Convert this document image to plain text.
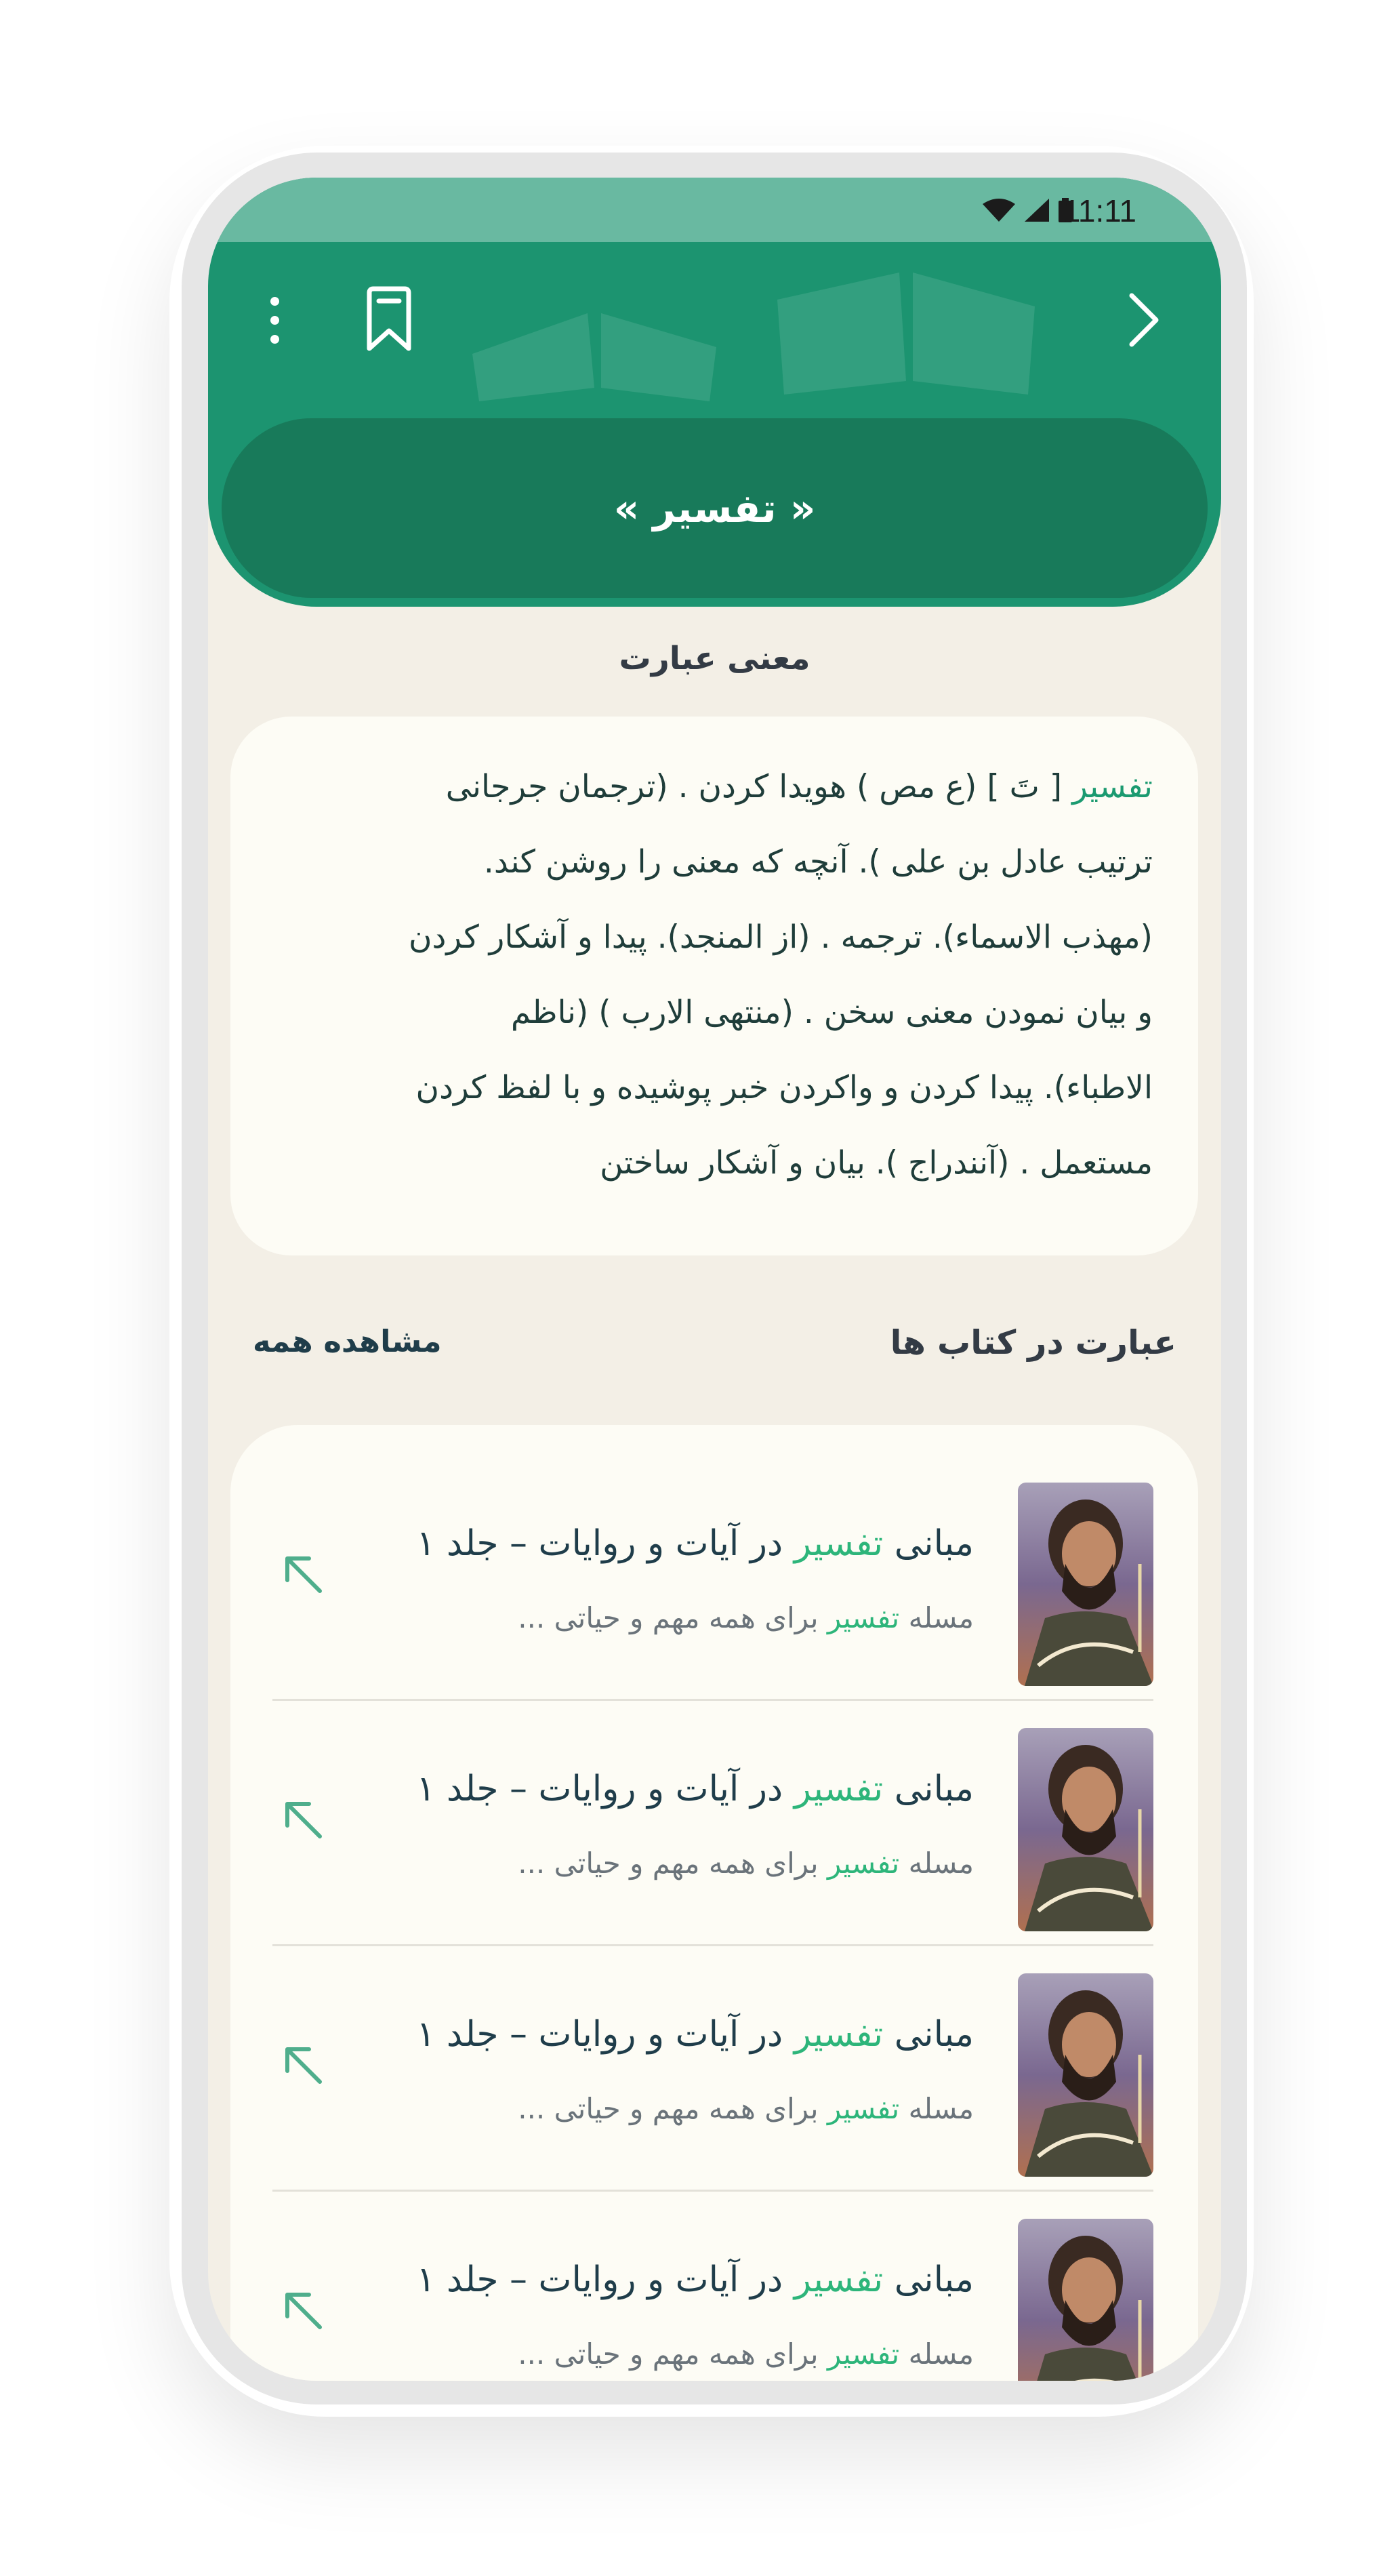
11:11
« تفسیر »
معنی عبارت
تفسیر [ تَ ] (ع مص ) هویدا کردن . (ترجمان جرجانی
ترتیب عادل بن علی ). آنچه که معنی را روشن کند.
(مهذب الاسماء). ترجمه . (از المنجد). پیدا و آشکار کردن
و بیان نمودن معنی سخن . (منتهی الارب ) (ناظم
الاطباء). پیدا کردن و واکردن خبر پوشیده و با لفظ کردن
مستعمل . (آنندراج ). بیان و آشکار ساختن
عبارت در کتاب ها
مشاهده همه
مبانی تفسیر در آیات و روایات – جلد ۱
مسله تفسیر برای همه مهم و حیاتی ...
مبانی تفسیر در آیات و روایات – جلد ۱
مسله تفسیر برای همه مهم و حیاتی ...
مبانی تفسیر در آیات و روایات – جلد ۱
مسله تفسیر برای همه مهم و حیاتی ...
مبانی تفسیر در آیات و روایات – جلد ۱
مسله تفسیر برای همه مهم و حیاتی ...
